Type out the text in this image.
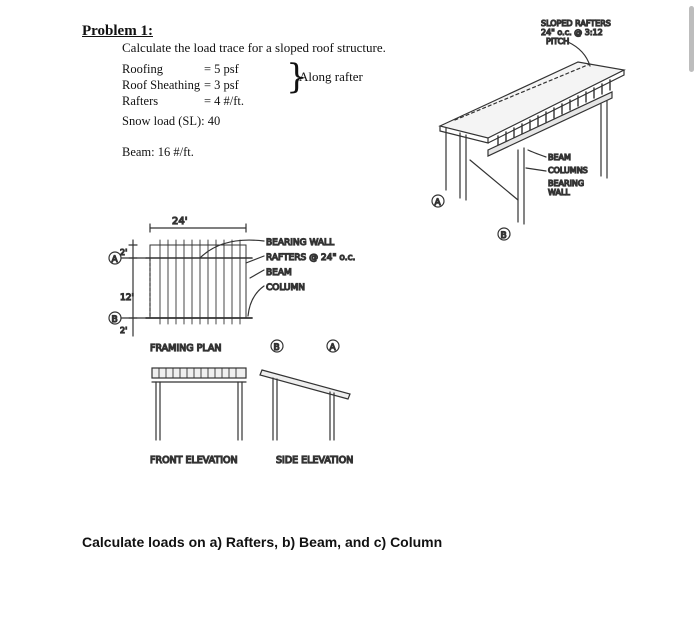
Problem 1:
Calculate the load trace for a sloped roof structure.
Roofing	= 5 psf
Roof Sheathing = 3 psf
Rafters	= 4 #/ft.
}
Along rafter
Snow load (SL): 40
Beam: 16 #/ft.
SLOPED RAFTERS
24" o.c. @ 3:12
PITCH
BEAM
COLUMNS
BEARING
WALL
A
B
24'
2'
12'
2'
A
B
BEARING WALL
RAFTERS @ 24" o.c.
BEAM
COLUMN
FRAMING PLAN	B	A
FRONT ELEVATION	SIDE ELEVATION
Calculate loads on a) Rafters, b) Beam, and c) Column
